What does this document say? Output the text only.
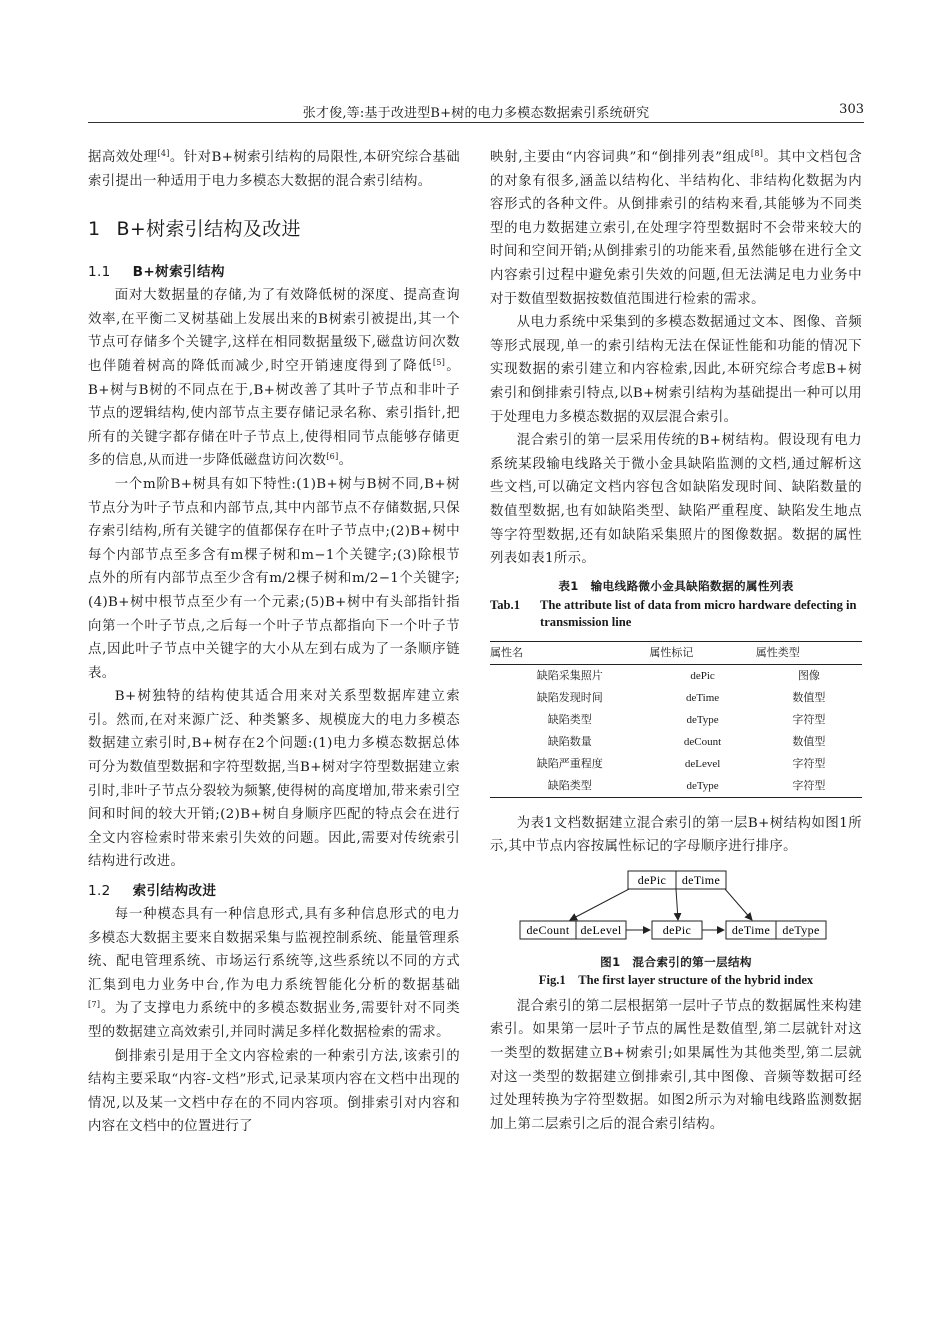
张才俊,等:基于改进型B+树的电力多模态数据索引系统研究	303

据高效处理[4]。针对B+树索引结构的局限性,本研究综合基础索引提出一种适用于电力多模态大数据的混合索引结构。

1 B+树索引结构及改进
1.1 B+树索引结构

面对大数据量的存储,为了有效降低树的深度、提高查询效率,在平衡二叉树基础上发展出来的B树索引被提出,其一个节点可存储多个关键字,这样在相同数据量级下,磁盘访问次数也伴随着树高的降低而减少,时空开销速度得到了降低[5]。B+树与B树的不同点在于,B+树改善了其叶子节点和非叶子节点的逻辑结构,使内部节点主要存储记录名称、索引指针,把所有的关键字都存储在叶子节点上,使得相同节点能够存储更多的信息,从而进一步降低磁盘访问次数[6]。

一个m阶B+树具有如下特性:(1)B+树与B树不同,B+树节点分为叶子节点和内部节点,其中内部节点不存储数据,只保存索引结构,所有关键字的值都保存在叶子节点中;(2)B+树中每个内部节点至多含有m棵子树和m−1个关键字;(3)除根节点外的所有内部节点至少含有m/2棵子树和m/2−1个关键字;(4)B+树中根节点至少有一个元素;(5)B+树中有头部指针指向第一个叶子节点,之后每一个叶子节点都指向下一个叶子节点,因此叶子节点中关键字的大小从左到右成为了一条顺序链表。

B+树独特的结构使其适合用来对关系型数据库建立索引。然而,在对来源广泛、种类繁多、规模庞大的电力多模态数据建立索引时,B+树存在2个问题:(1)电力多模态数据总体可分为数值型数据和字符型数据,当B+树对字符型数据建立索引时,非叶子节点分裂较为频繁,使得树的高度增加,带来索引空间和时间的较大开销;(2)B+树自身顺序匹配的特点会在进行全文内容检索时带来索引失效的问题。因此,需要对传统索引结构进行改进。

1.2 索引结构改进

每一种模态具有一种信息形式,具有多种信息形式的电力多模态大数据主要来自数据采集与监视控制系统、能量管理系统、配电管理系统、市场运行系统等,这些系统以不同的方式汇集到电力业务中台,作为电力系统智能化分析的数据基础[7]。为了支撑电力系统中的多模态数据业务,需要针对不同类型的数据建立高效索引,并同时满足多样化数据检索的需求。

倒排索引是用于全文内容检索的一种索引方法,该索引的结构主要采取“内容-文档”形式,记录某项内容在文档中出现的情况,以及某一文档中存在的不同内容项。倒排索引对内容和内容在文档中的位置进行了

映射,主要由“内容词典”和“倒排列表”组成[8]。其中文档包含的对象有很多,涵盖以结构化、半结构化、非结构化数据为内容形式的各种文件。从倒排索引的结构来看,其能够为不同类型的电力数据建立索引,在处理字符型数据时不会带来较大的时间和空间开销;从倒排索引的功能来看,虽然能够在进行全文内容索引过程中避免索引失效的问题,但无法满足电力业务中对于数值型数据按数值范围进行检索的需求。

从电力系统中采集到的多模态数据通过文本、图像、音频等形式展现,单一的索引结构无法在保证性能和功能的情况下实现数据的索引建立和内容检索,因此,本研究综合考虑B+树索引和倒排索引特点,以B+树索引结构为基础提出一种可以用于处理电力多模态数据的双层混合索引。

混合索引的第一层采用传统的B+树结构。假设现有电力系统某段输电线路关于微小金具缺陷监测的文档,通过解析这些文档,可以确定文档内容包含如缺陷发现时间、缺陷数量的数值型数据,也有如缺陷类型、缺陷严重程度、缺陷发生地点等字符型数据,还有如缺陷采集照片的图像数据。数据的属性列表如表1所示。

表1　输电线路微小金具缺陷数据的属性列表
Tab.1	The attribute list of data from micro hardware defecting in transmission line
属性名	属性标记	属性类型
缺陷采集照片	dePic	图像
缺陷发现时间	deTime	数值型
缺陷类型	deType	字符型
缺陷数量	deCount	数值型
缺陷严重程度	deLevel	字符型
缺陷类型	deType	字符型

为表1文档数据建立混合索引的第一层B+树结构如图1所示,其中节点内容按属性标记的字母顺序进行排序。

dePic deTime
deCount deLevel	dePic	deTime deType
图1　混合索引的第一层结构
Fig.1　The first layer structure of the hybrid index

混合索引的第二层根据第一层叶子节点的数据属性来构建索引。如果第一层叶子节点的属性是数值型,第二层就针对这一类型的数据建立B+树索引;如果属性为其他类型,第二层就对这一类型的数据建立倒排索引,其中图像、音频等数据可经过处理转换为字符型数据。如图2所示为对输电线路监测数据加上第二层索引之后的混合索引结构。
